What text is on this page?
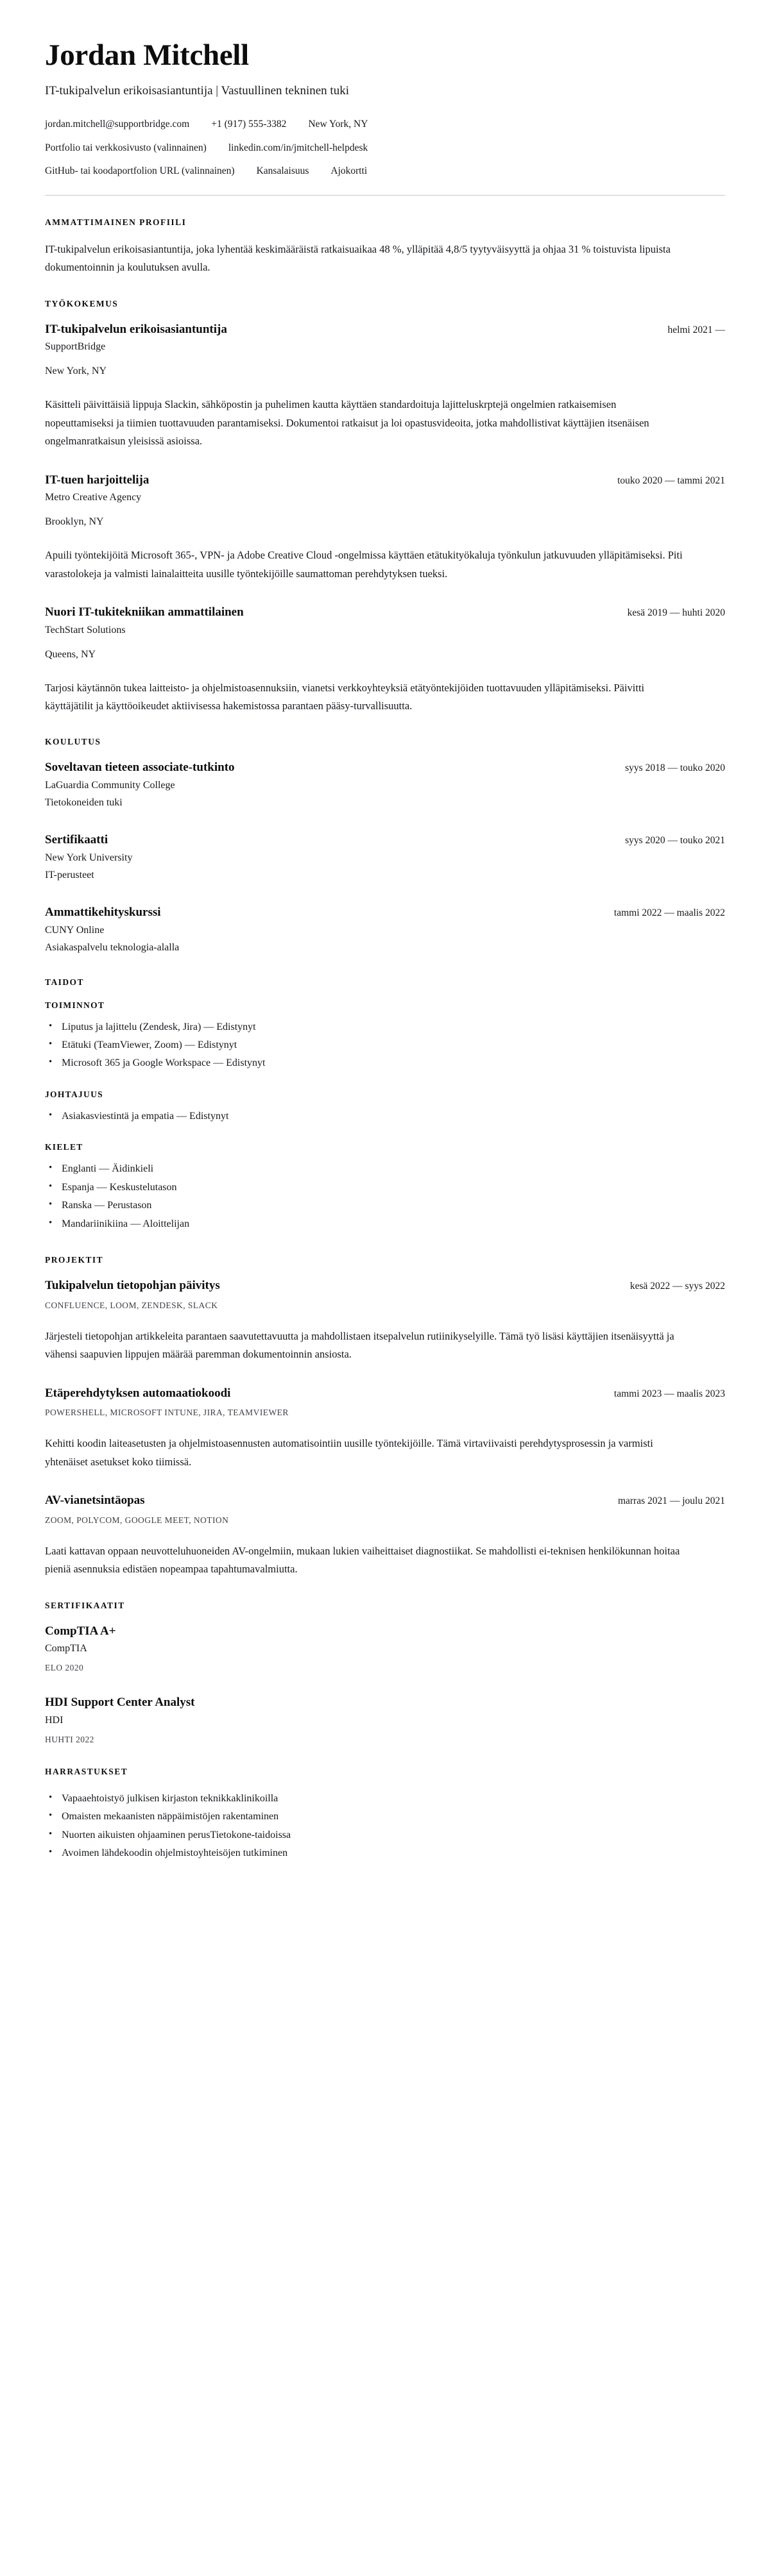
Jordan Mitchell

IT-tukipalvelun erikoisasiantuntija | Vastuullinen tekninen tuki

jordan.mitchell@supportbridge.com +1 (917) 555-3382 New York, NY
Portfolio tai verkkosivusto (valinnainen) linkedin.com/in/jmitchell-helpdesk
GitHub- tai koodaportfolion URL (valinnainen) Kansalaisuus Ajokortti
AMMATTIMAINEN PROFIILI

IT-tukipalvelun erikoisasiantuntija, joka lyhentää keskimääräistä ratkaisuaikaa 48 %, ylläpitää 4,8/5 tyytyväisyyttä ja ohjaa 31 % toistuvista lipuista dokumentoinnin ja koulutuksen avulla.

TYÖKOKEMUS
IT-tukipalvelun erikoisasiantuntija	helmi 2021 —

SupportBridge

New York, NY

Käsitteli päivittäisiä lippuja Slackin, sähköpostin ja puhelimen kautta käyttäen standardoituja lajitteluskrptejä ongelmien ratkaisemisen nopeuttamiseksi ja tiimien tuottavuuden parantamiseksi. Dokumentoi ratkaisut ja loi opastusvideoita, jotka mahdollistivat käyttäjien itsenäisen ongelmanratkaisun yleisissä asioissa.

IT-tuen harjoittelija	touko 2020 — tammi 2021

Metro Creative Agency

Brooklyn, NY

Apuili työntekijöitä Microsoft 365-, VPN- ja Adobe Creative Cloud -ongelmissa käyttäen etätukityökaluja työnkulun jatkuvuuden ylläpitämiseksi. Piti varastolokeja ja valmisti lainalaitteita uusille työntekijöille saumattoman perehdytyksen tueksi.

Nuori IT-tukitekniikan ammattilainen	kesä 2019 — huhti 2020

TechStart Solutions

Queens, NY

Tarjosi käytännön tukea laitteisto- ja ohjelmistoasennuksiin, vianetsi verkkoyhteyksiä etätyöntekijöiden tuottavuuden ylläpitämiseksi. Päivitti käyttäjätilit ja käyttöoikeudet aktiivisessa hakemistossa parantaen pääsy-turvallisuutta.

KOULUTUS
Soveltavan tieteen associate-tutkinto	syys 2018 — touko 2020

LaGuardia Community College

Tietokoneiden tuki

Sertifikaatti	syys 2020 — touko 2021

New York University

IT-perusteet

Ammattikehityskurssi	tammi 2022 — maalis 2022

CUNY Online

Asiakaspalvelu teknologia-alalla

TAIDOT
TOIMINNOT
• Liputus ja lajittelu (Zendesk, Jira) — Edistynyt
• Etätuki (TeamViewer, Zoom) — Edistynyt
• Microsoft 365 ja Google Workspace — Edistynyt
JOHTAJUUS
• Asiakasviestintä ja empatia — Edistynyt
KIELET
• Englanti — Äidinkieli
• Espanja — Keskustelutason
• Ranska — Perustason
• Mandariinikiina — Aloittelijan
PROJEKTIT
Tukipalvelun tietopohjan päivitys	kesä 2022 — syys 2022

CONFLUENCE, LOOM, ZENDESK, SLACK

Järjesteli tietopohjan artikkeleita parantaen saavutettavuutta ja mahdollistaen itsepalvelun rutiinikyselyille. Tämä työ lisäsi käyttäjien itsenäisyyttä ja vähensi saapuvien lippujen määrää paremman dokumentoinnin ansiosta.

Etäperehdytyksen automaatiokoodi	tammi 2023 — maalis 2023

POWERSHELL, MICROSOFT INTUNE, JIRA, TEAMVIEWER

Kehitti koodin laiteasetusten ja ohjelmistoasennusten automatisointiin uusille työntekijöille. Tämä virtaviivaisti perehdytysprosessin ja varmisti yhtenäiset asetukset koko tiimissä.

AV-vianetsintäopas	marras 2021 — joulu 2021

ZOOM, POLYCOM, GOOGLE MEET, NOTION

Laati kattavan oppaan neuvotteluhuoneiden AV-ongelmiin, mukaan lukien vaiheittaiset diagnostiikat. Se mahdollisti ei-teknisen henkilökunnan hoitaa pieniä asennuksia edistäen nopeampaa tapahtumavalmiutta.

SERTIFIKAATIT
CompTIA A+

CompTIA

ELO 2020

HDI Support Center Analyst

HDI

HUHTI 2022

HARRASTUKSET
• Vapaaehtoistyö julkisen kirjaston teknikkaklinikoilla
• Omaisten mekaanisten näppäimistöjen rakentaminen
• Nuorten aikuisten ohjaaminen perusTietokone-taidoissa
• Avoimen lähdekoodin ohjelmistoyhteisöjen tutkiminen
